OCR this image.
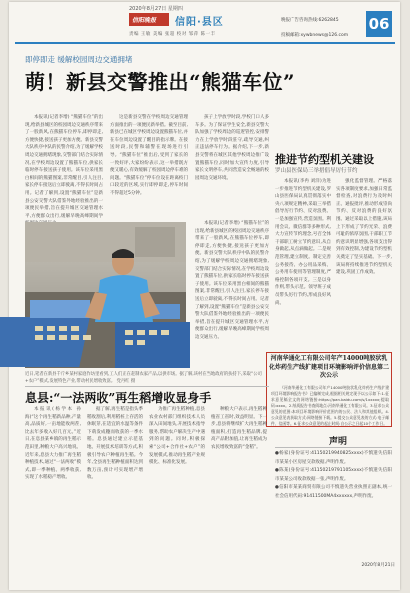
2020年8月27日 星期四
信阳晚报	信阳·县区
责编 王敏 美编 张超 校对 邹萍 陈一丰
晚报广告咨询热线:6262845
投稿邮箱:xywbnews@126.com
06
即停即走 缓解校园周边交通拥堵
萌！新县交警推出“熊猫车位”

本报讯(记者李增) “熊猫车位”的出现,给新县城区的校园周边交通秩序带来了一股新风,在熊猫车位停车,即停即走,方便快捷,接送孩子更加方便。新县交警大队秩序中队的民警介绍,为了缓解学校周边交通拥堵现象,交警部门结合实际情况,在学校周边设置了熊猫车位,供家长临时停车接送孩子使用。该车位采用黑白相间的熊猫图案,非常醒目,引人注目,家长停车接送后立即驶离,不得长时间占用。记者了解到,设置“熊猫车位”是新县公安交警大队借鉴外地经验推出的一项便民举措,旨在提升城区交通管理水平,方便群众出行,缓解早晚高峰期间学

这是新县交警在学校周边交通管理方面推出的一项便民新举措。截至目前,新县已在城区学校周边设置熊猫车位,并在车位周边设置了醒目的指示牌。在接送时段,民警和辅警在现场进行引导。“熊猫车位”推出后,受到了家长的一致好评,大家纷纷表示,这一举措既方便又暖心,有效缓解了校园周边停车难的问题。“熊猫车位”停车位设在距离校门口较近的区域,实行即停即走,停车时间不得超过5分钟。

孩子上学放学时段,学校门口人多车多。为了保证学生安全,新县交警大队加强了学校周边的巡逻管控,安排警力在上学放学时段驻守,疏导交通,纠正违法停车行为。据介绍,下一步,新县交警将在城区其他学校周边推广设置熊猫车位,同时加大宣传力度,引导家长文明停车,共同营造安全畅通的校园周边交通环境。

本报讯(记者李增) “熊猫车位”的出现,给新县城区的校园周边交通秩序带来了一股新风,在熊猫车位停车,即停即走,方便快捷,接送孩子更加方便。新县交警大队秩序中队的民警介绍,为了缓解学校周边交通拥堵现象,交警部门结合实际情况,在学校周边设置了熊猫车位,供家长临时停车接送孩子使用。该车位采用黑白相间的熊猫图案,非常醒目,引人注目,家长停车接送后立即驶离,不得长时间占用。记者了解到,设置“熊猫车位”是新县公安交警大队借鉴外地经验推出的一项便民举措,旨在提升城区交通管理水平,方便群众出行,缓解早晚高峰期间学校周边交通压力。

近日,笔者在新县千斤乡某村家庭作坊里看到,工人们正在赶制农家产品,以供市场。据了解,该村在当地政府的扶持下,采取“公司+农户”模式,发展特色产业,带动村民增收致富。 党丹红 摄
推进节约型机关建设
罗山县医保局三举措倡导厉行节约

本报讯(李冉 刘洋)为进一步推进节约型机关建设,罗山县医保局认真贯彻落实中央八项规定精神,采取三举措倡导厉行节约、反对浪费。一是加强宣传,营造氛围。利用会议、微信群等多种形式,大力宣传节约理念,号召全体干部职工树立节约意识,从自身做起,从点滴做起。二是规范管理,建立制度。制定完善公务接待、办公用品采购、公务用车使用等管理制度,严格控制各项开支。三是以身作则,带头示范。领导班子成员带头厉行节约,形成良好风尚。

强化监督管理。严格落实各项制度要求,加强日常监督检查,对浪费行为及时纠正、通报批评,推动形成崇尚节约、反对浪费的良好氛围。通过采取以上措施,该局上下形成了节约光荣、浪费可耻的浓厚氛围,干部职工节约意识明显增强,各项支出得到有效控制,为建设节约型机关奠定了坚实基础。下一步,该局将持续推进节约型机关建设,巩固工作成效。

河南华通化工有限公司年产14000吨胶状乳化炸药生产线扩建项目环境影响评价信息第二次公示

《河南华通化工有限公司年产14000吨胶状乳化炸药生产线扩建项目环境影响报告书》已编制完成,根据相关规定现予以公示如下:1.征求意见稿全文的网络链接:https://pan.baidu.com/s/1xxxxx;提取码:xxxx。2.纸质报告书查阅地点:河南华通化工有限公司。3.征求公众意见的范围:本项目环境影响评价范围内的公民、法人和其他组织。4.公众意见表获取方式:网络链接下载。5.提交公众意见表的方式:电子邮件、信函等。6.征求公众意见的起止时间:自公示之日起10个工作日。

息县:“一法两收”再生稻增收显身手

本报讯(杨学本 孙海)“这个再生稻新品种,产量高,品质好,一亩地能收两茬,比去年多收入好几百元。”近日,在息县某乡镇的再生稻示范田里,种粮大户高兴地说。近年来,息县大力推广再生稻种植技术,通过“一法两收”模式,即一季种植、两季收获,实现了水稻稳产增收。

据了解,再生稻是指头季稻收割后,利用稻桩上存活的休眠芽,在适宜的水温等条件下萌发成穗而收获的一季水稻。息县通过建立示范基地、开展技术培训等方式,积极引导农户种植再生稻。今年,全县再生稻种植面积达到数万亩,预计可实现增产增收。

为推广再生稻种植,息县农业农村部门组织技术人员深入田间地头,开展技术指导服务,帮助农户解决生产中遇到的问题。同时,积极探索“公司+合作社+农户”的发展模式,推动再生稻产业规模化、标准化发展。

种粮大户表示,再生稻种植省工省时,效益明显。下一步,息县将继续扩大再生稻种植面积,打造再生稻品牌,提高产品附加值,让再生稻成为农民增收致富的“金稻”。

声明

●杨家(身份证号:41150219940825xxxx)不慎遗失信阳市某某小区房屋交款收据,声明作废。

●陈某(身份证号:41150219791105xxxx)不慎遗失信阳市某某公司收款收据一张,声明作废。

●信阳市某某商贸有限公司不慎遗失营业执照正副本,统一社会信用代码:91411500MA4xxxxxx,声明作废。

2020年8月21日
